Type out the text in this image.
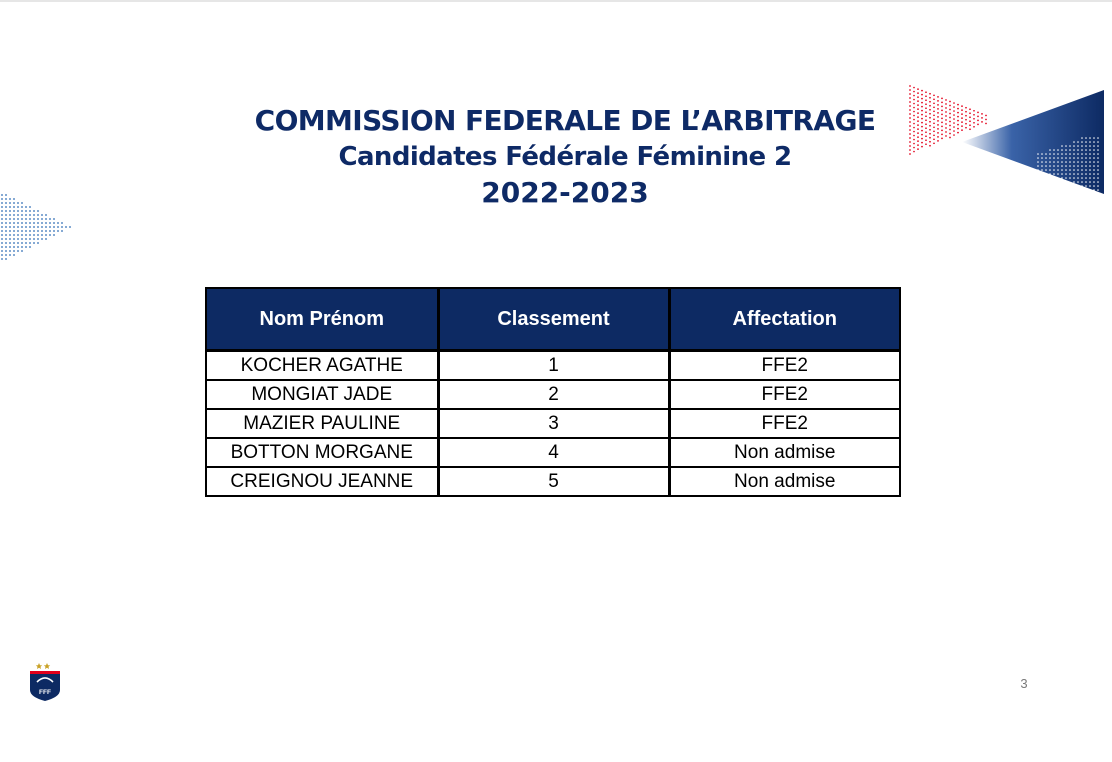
COMMISSION FEDERALE DE L’ARBITRAGE
Candidates Fédérale Féminine 2
2022-2023
Nom Prénom	Classement	Affectation
KOCHER AGATHE	1	FFE2
MONGIAT JADE	2	FFE2
MAZIER PAULINE	3	FFE2
BOTTON MORGANE	4	Non admise
CREIGNOU JEANNE	5	Non admise
FFF
3
